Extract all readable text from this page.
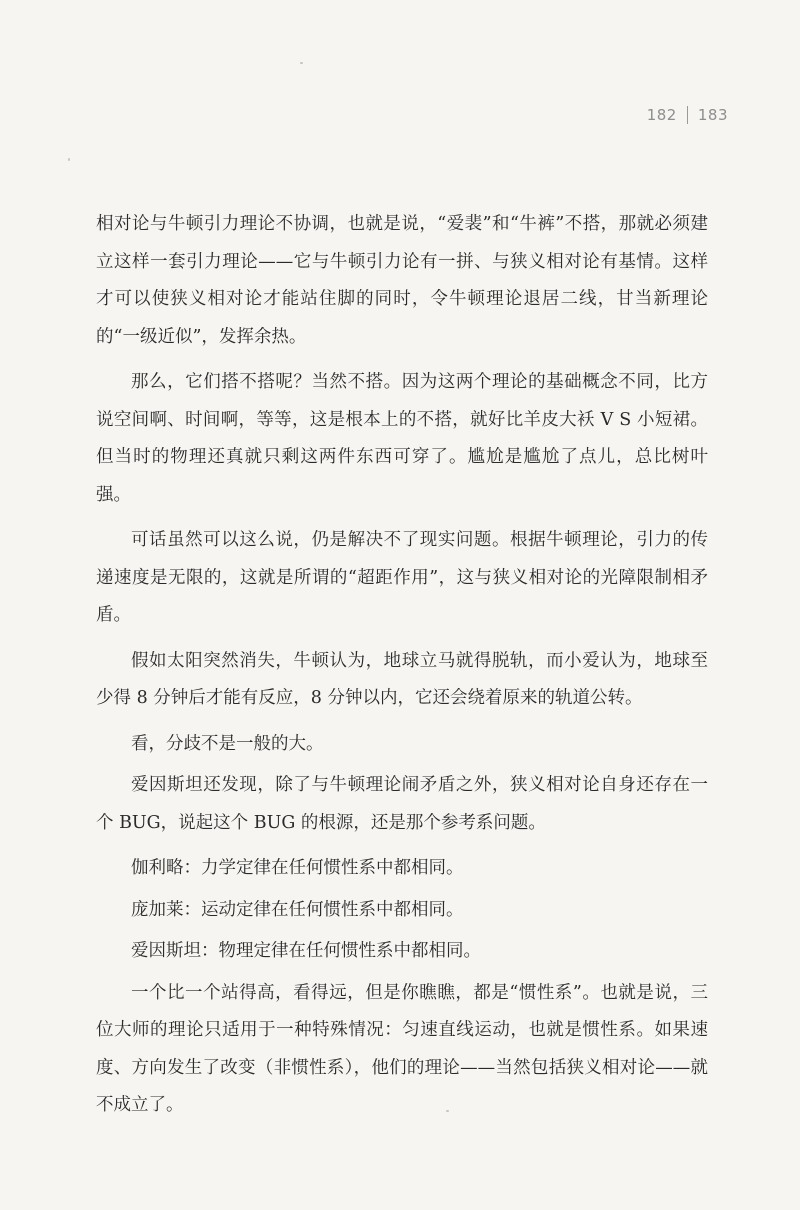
182 183

相对论与牛顿引力理论不协调，也就是说，“爱裴”和“牛裤”不搭，那就必须建立这样一套引力理论——它与牛顿引力论有一拼、与狭义相对论有基情。这样才可以使狭义相对论才能站住脚的同时，令牛顿理论退居二线，甘当新理论的“一级近似”，发挥余热。

那么，它们搭不搭呢？当然不搭。因为这两个理论的基础概念不同，比方说空间啊、时间啊，等等，这是根本上的不搭，就好比羊皮大袄 V S 小短裙。但当时的物理还真就只剩这两件东西可穿了。尴尬是尴尬了点儿，总比树叶强。

可话虽然可以这么说，仍是解决不了现实问题。根据牛顿理论，引力的传递速度是无限的，这就是所谓的“超距作用”，这与狭义相对论的光障限制相矛盾。

假如太阳突然消失，牛顿认为，地球立马就得脱轨，而小爱认为，地球至少得 8 分钟后才能有反应，8 分钟以内，它还会绕着原来的轨道公转。

看，分歧不是一般的大。

爱因斯坦还发现，除了与牛顿理论闹矛盾之外，狭义相对论自身还存在一个 BUG，说起这个 BUG 的根源，还是那个参考系问题。

伽利略：力学定律在任何惯性系中都相同。

庞加莱：运动定律在任何惯性系中都相同。

爱因斯坦：物理定律在任何惯性系中都相同。

一个比一个站得高，看得远，但是你瞧瞧，都是“惯性系”。也就是说，三位大师的理论只适用于一种特殊情况：匀速直线运动，也就是惯性系。如果速度、方向发生了改变（非惯性系），他们的理论——当然包括狭义相对论——就不成立了。
